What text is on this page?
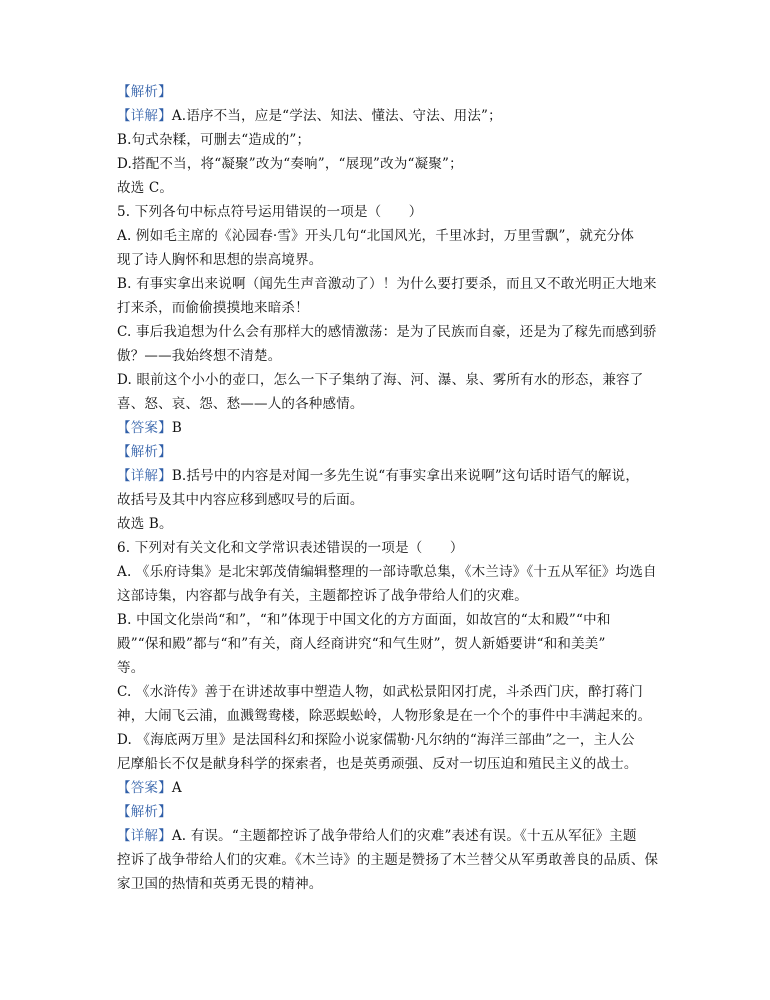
【解析】
【详解】A.语序不当，应是“学法、知法、懂法、守法、用法”；
B.句式杂糅，可删去“造成的”；
D.搭配不当，将“凝聚”改为“奏响”，“展现”改为“凝聚”；
故选 C。
5. 下列各句中标点符号运用错误的一项是（　　）
A. 例如毛主席的《沁园春·雪》开头几句“北国风光，千里冰封，万里雪飘”，就充分体
现了诗人胸怀和思想的崇高境界。
B. 有事实拿出来说啊（闻先生声音激动了）！为什么要打要杀，而且又不敢光明正大地来
打来杀，而偷偷摸摸地来暗杀！
C. 事后我追想为什么会有那样大的感情激荡：是为了民族而自豪，还是为了稼先而感到骄
傲？——我始终想不清楚。
D. 眼前这个小小的壶口，怎么一下子集纳了海、河、瀑、泉、雾所有水的形态，兼容了
喜、怒、哀、怨、愁——人的各种感情。
【答案】B
【解析】
【详解】B.括号中的内容是对闻一多先生说“有事实拿出来说啊”这句话时语气的解说，
故括号及其中内容应移到感叹号的后面。
故选 B。
6. 下列对有关文化和文学常识表述错误的一项是（　　）
A. 《乐府诗集》是北宋郭茂倩编辑整理的一部诗歌总集，《木兰诗》《十五从军征》均选自
这部诗集，内容都与战争有关，主题都控诉了战争带给人们的灾难。
B. 中国文化崇尚“和”，“和”体现于中国文化的方方面面，如故宫的“太和殿”“中和
殿”“保和殿”都与“和”有关，商人经商讲究“和气生财”，贺人新婚要讲“和和美美”
等。
C. 《水浒传》善于在讲述故事中塑造人物，如武松景阳冈打虎，斗杀西门庆，醉打蒋门
神，大闹飞云浦，血溅鸳鸯楼，除恶蜈蚣岭，人物形象是在一个个的事件中丰满起来的。
D. 《海底两万里》是法国科幻和探险小说家儒勒·凡尔纳的“海洋三部曲”之一，主人公
尼摩船长不仅是献身科学的探索者，也是英勇顽强、反对一切压迫和殖民主义的战士。
【答案】A
【解析】
【详解】A. 有误。“主题都控诉了战争带给人们的灾难”表述有误。《十五从军征》主题
控诉了战争带给人们的灾难。《木兰诗》的主题是赞扬了木兰替父从军勇敢善良的品质、保
家卫国的热情和英勇无畏的精神。
